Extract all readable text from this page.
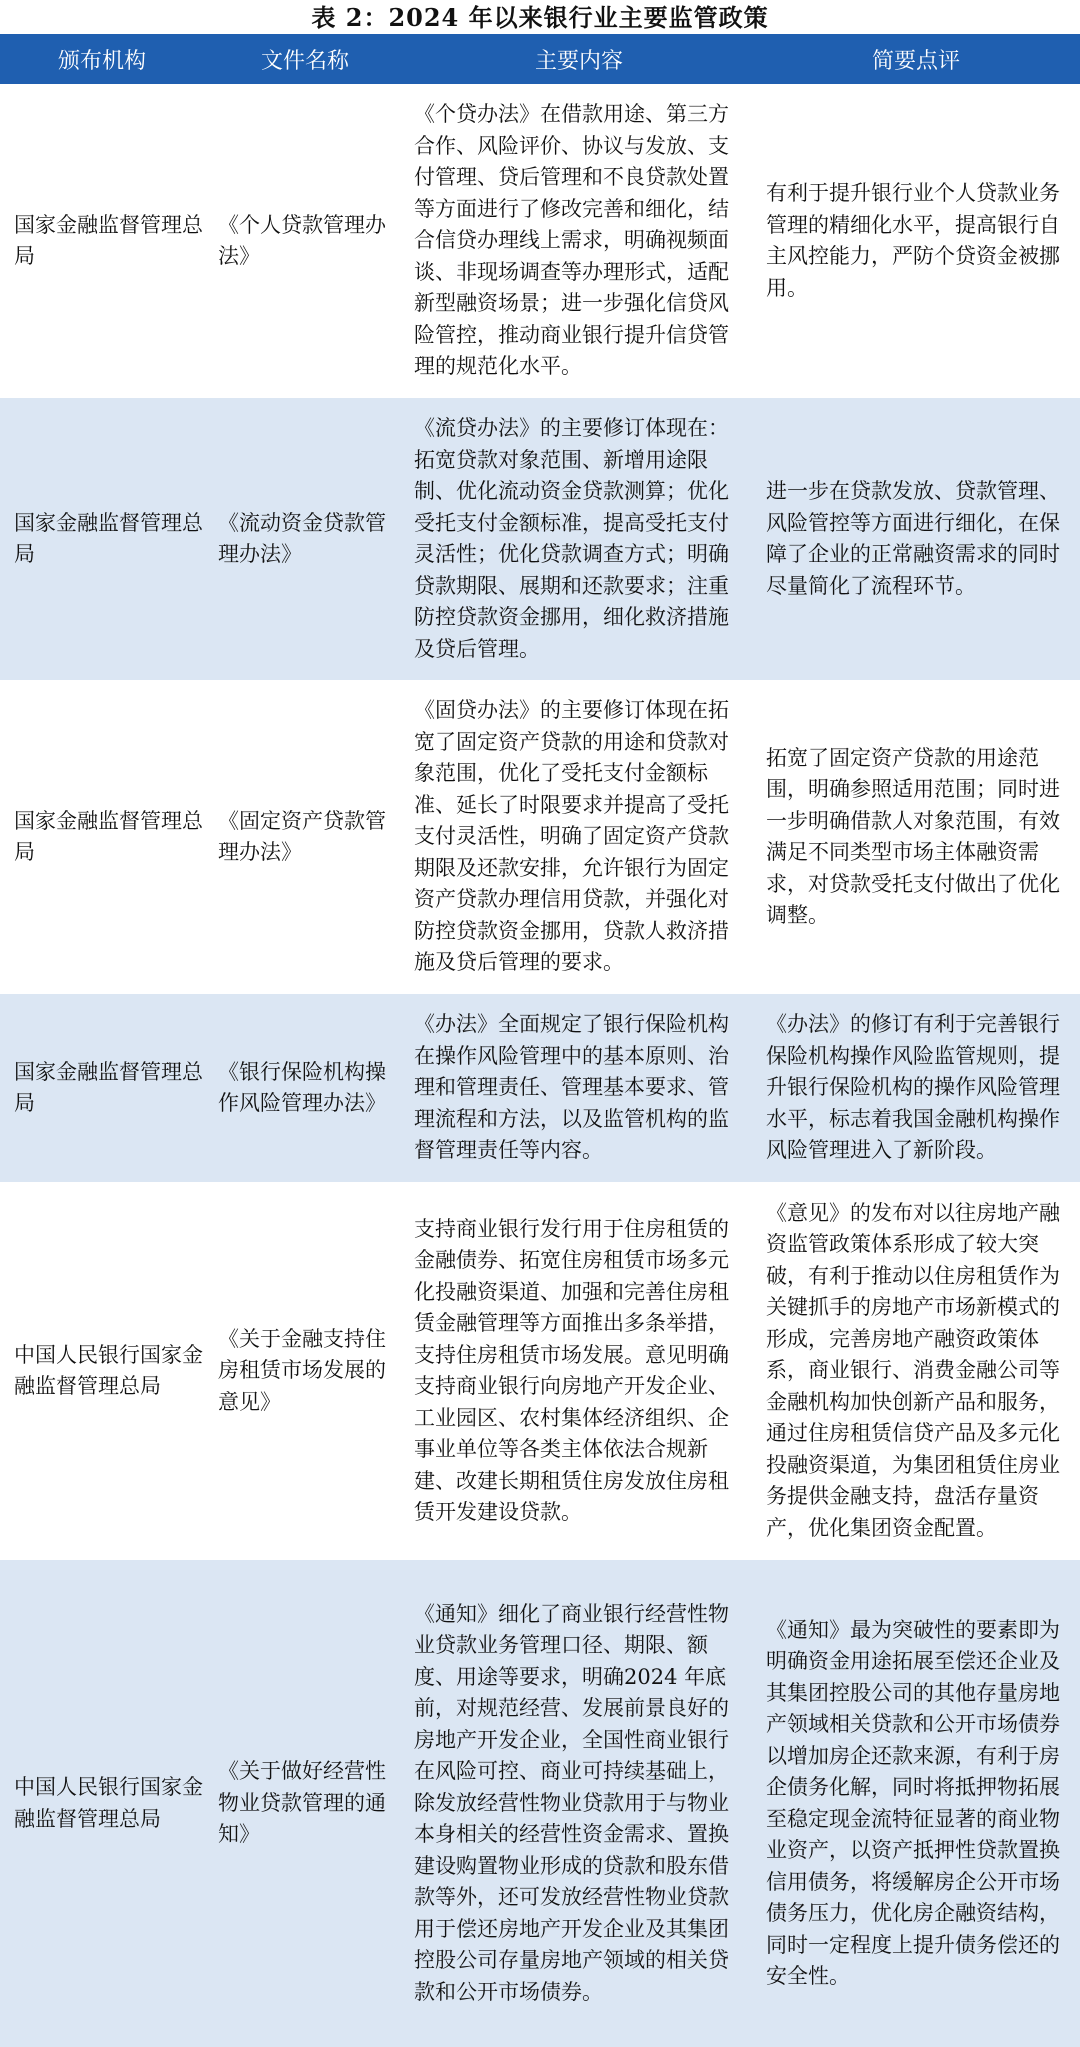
表 2：2024 年以来银行业主要监管政策
颁布机构	文件名称	主要内容	简要点评
国家金融监督管理总局	《个人贷款管理办法》	《个贷办法》在借款用途、第三方合作、风险评价、协议与发放、支付管理、贷后管理和不良贷款处置等方面进行了修改完善和细化，结合信贷办理线上需求，明确视频面谈、非现场调查等办理形式，适配新型融资场景；进一步强化信贷风险管控，推动商业银行提升信贷管理的规范化水平。	有利于提升银行业个人贷款业务管理的精细化水平，提高银行自主风控能力，严防个贷资金被挪用。
国家金融监督管理总局	《流动资金贷款管理办法》	《流贷办法》的主要修订体现在：拓宽贷款对象范围、新增用途限制、优化流动资金贷款测算；优化受托支付金额标准，提高受托支付灵活性；优化贷款调查方式；明确贷款期限、展期和还款要求；注重防控贷款资金挪用，细化救济措施及贷后管理。	进一步在贷款发放、贷款管理、风险管控等方面进行细化，在保障了企业的正常融资需求的同时尽量简化了流程环节。
国家金融监督管理总局	《固定资产贷款管理办法》	《固贷办法》的主要修订体现在拓宽了固定资产贷款的用途和贷款对象范围，优化了受托支付金额标准、延长了时限要求并提高了受托支付灵活性，明确了固定资产贷款期限及还款安排，允许银行为固定资产贷款办理信用贷款，并强化对防控贷款资金挪用，贷款人救济措施及贷后管理的要求。	拓宽了固定资产贷款的用途范围，明确参照适用范围；同时进一步明确借款人对象范围，有效满足不同类型市场主体融资需求，对贷款受托支付做出了优化调整。
国家金融监督管理总局	《银行保险机构操作风险管理办法》	《办法》全面规定了银行保险机构在操作风险管理中的基本原则、治理和管理责任、管理基本要求、管理流程和方法，以及监管机构的监督管理责任等内容。	《办法》的修订有利于完善银行保险机构操作风险监管规则，提升银行保险机构的操作风险管理水平，标志着我国金融机构操作风险管理进入了新阶段。
中国人民银行国家金融监督管理总局	《关于金融支持住房租赁市场发展的意见》	支持商业银行发行用于住房租赁的金融债券、拓宽住房租赁市场多元化投融资渠道、加强和完善住房租赁金融管理等方面推出多条举措，支持住房租赁市场发展。意见明确支持商业银行向房地产开发企业、工业园区、农村集体经济组织、企事业单位等各类主体依法合规新建、改建长期租赁住房发放住房租赁开发建设贷款。	《意见》的发布对以往房地产融资监管政策体系形成了较大突破，有利于推动以住房租赁作为关键抓手的房地产市场新模式的形成，完善房地产融资政策体系，商业银行、消费金融公司等金融机构加快创新产品和服务，通过住房租赁信贷产品及多元化投融资渠道，为集团租赁住房业务提供金融支持，盘活存量资产，优化集团资金配置。
中国人民银行国家金融监督管理总局	《关于做好经营性物业贷款管理的通知》	《通知》细化了商业银行经营性物业贷款业务管理口径、期限、额度、用途等要求，明确2024 年底前，对规范经营、发展前景良好的房地产开发企业，全国性商业银行在风险可控、商业可持续基础上，除发放经营性物业贷款用于与物业本身相关的经营性资金需求、置换建设购置物业形成的贷款和股东借款等外，还可发放经营性物业贷款用于偿还房地产开发企业及其集团控股公司存量房地产领域的相关贷款和公开市场债券。	《通知》最为突破性的要素即为明确资金用途拓展至偿还企业及其集团控股公司的其他存量房地产领域相关贷款和公开市场债券以增加房企还款来源，有利于房企债务化解，同时将抵押物拓展至稳定现金流特征显著的商业物业资产，以资产抵押性贷款置换信用债务，将缓解房企公开市场债务压力，优化房企融资结构，同时一定程度上提升债务偿还的安全性。
